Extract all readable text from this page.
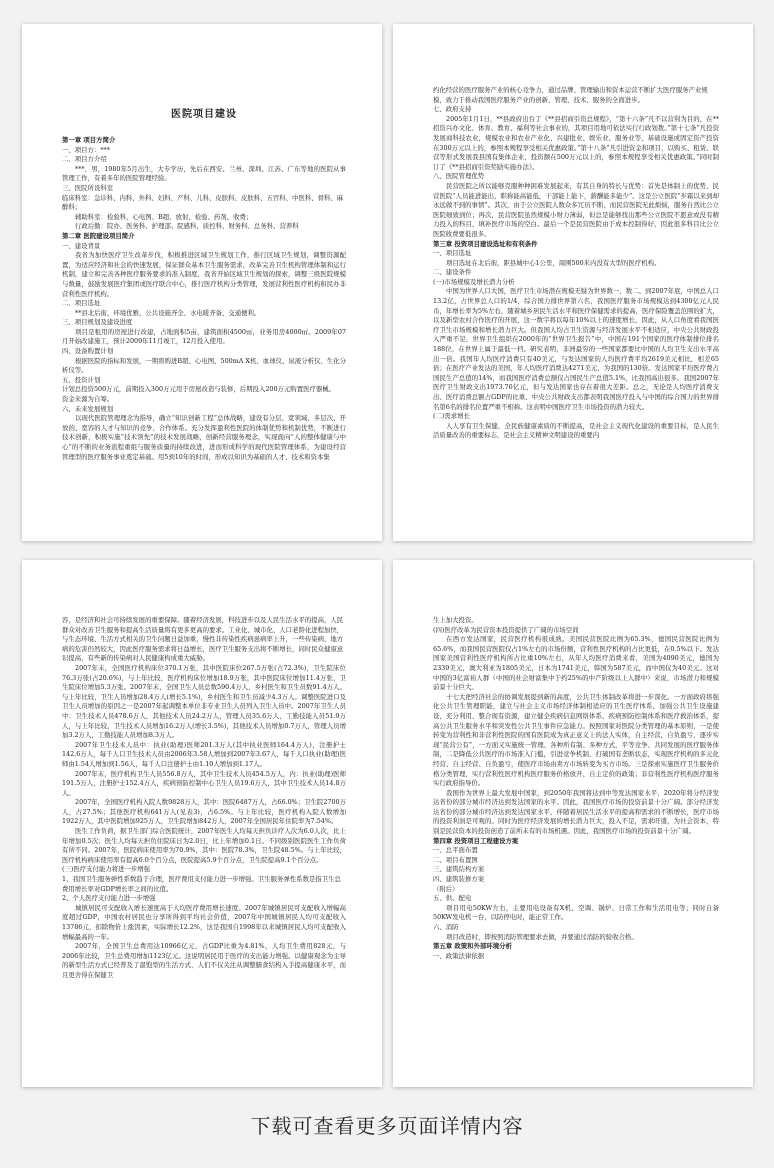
医院项目建设
第一章 项目方简介
一、项目方：***
二、项目方介绍
***，男，1980年5月出生，大专学历，先后在西安、兰州、深圳、江苏、广东等地的医院从事管理工作，有着多年的医院管理经验。
三、医院所设科室
临床科室：急诊科、内科、外科、妇科、产科、儿科、皮肤科、皮肤科、五官科、中医科、骨科、麻醉科；
辅助科室：检验科、心电图、B超、放射、检验、药剂、收费；
行政后勤：院办、医务科、护理部、院感科、质控科、财务科、总务科、营养科
第二章 医院建设项目简介
一、建设背景
我省为加快医疗卫生改革步伐，积极推进区域卫生规划工作，推行区域卫生规划，调整资源配置，为适应经济和社会的快速发展，保证群众基本卫生服务需求，改革完善卫生机构管理体制和运行机制，建立和完善各种医疗服务要求的准入制度，我省开始区域卫生规划的探索，调整三级医院规模与数量，鼓励发展医疗集团或医疗联合中心，推行医疗机构分类管理，发展营利性医疗机构和民办非营利性医疗机构。
二、项目选址
**县北后街，环境优雅、公共设施齐全、水电暖齐备、交通便利。
三、项目规划及建设进度
项目是租用的房屋进行改建，占地面积5亩，建筑面积4500㎡，业务用房4000㎡。2009年07月开始改建施工，预计2009年11月竣工，12月投入使用。
四、设备购置计划
根据医院的指标和发展，一期将购进B超、心电图、500mA X机、血球仪、尿液分析仪、生化分析仪等。
五、投资计划
计划总投资500万元，前期投入300万元用于房屋改造与装修，后期投入200万元购置医疗器械。
资金来源为自筹。
六、未来发展规划
以现代医院管理理念为指导，确立“知识创新工程”总体战略，建设有分层、宽领域、多层次、开放的、宽容的人才与知识的竞争、合作体系。充分发挥盈利性医院的体制优势和机制优势，不断进行技术创新，积极实施“技术领先”的技术发展战略，创新经营服务理念，实现面向“人的整体健康与中心”的不断的业务流程重组与服务质量的持续改进，进而形成科学的现代医院管理体系，为建设经营管理型的医疗服务事业奠定基础。用5到10年的时间，形成以知识为基础的人才、技术和资本集
约化经营的医疗服务产业的核心竞争力，通过品牌、管理输出和资本运营不断扩大医疗服务产业规模，致力于推动我国医疗服务产业的创新、管理、技术、服务的全面进步。
七、政府支持
2005年1月1日，**县政府出台了《**县招商引资总规程》，“第十六条”凡不以营利为目的，在**招资兴办文化、体育、教育、福利等社会事业的，其项目用地可依法实行行政划拨。”第十七条”凡投资发展商科技农业，规模农业和农业产业化、兴建批业、娱乐业、服务业等，基础设施或固定资产投资在300万元以上的，参照本规程享受相关优惠政策。”第十八条”凡引进资金和项目，以购买、租赁、联营等形式发展我县国有集体企业，投资额在500万元以上的，参照本规程享受相关优惠政策。”同时制订了《**县招商引资奖励实施办法》。
八、医院管理优势
民营医院之所以能够克服种种困难发展起来，有其自身的特长与优势：首先是体制上的优势，民营医院“人员能进能出，职称能高能低，干部能上能下，薪酬能多能少”。这是公立医院“步霜以来到却永远做不到的事情”。其次，由于公立医院人数众多冗员不断，而民营医院无此烦恼，服务自然比公立医院细致到位；再次，民营医院虽然规模小财力薄弱，但总是能够找出那些公立医院不愿意或没有精力投入的科目，填补医疗市场的空白。最后一个是民营医院由于成本控制得好，因此很多科目比公立医院收费要低很多。
第三章 投资项目建设选址和有利条件
一、项目选址
项目选址在北后街，距县城中心1公里，周围500米内没有大型的医疗机构。
二、建设条件
(一)市场规模及增长潜力分析
中国为世界人口大国，医疗卫生市场潜在规模无疑为世界数一、数二。到2007年底，中国总人口13.2亿，占世界总人口的1/4，综合国力排世界第六名，我国医疗服务市场规模达到4300亿元人民币，年增长率为5%左右，随着城乡居民生活水平和医疗保健需求的提高，医疗保险覆盖范围的扩大，以及新型农村合作医疗的开展，这一数字将以每年10%以上的速度增长，因此，从人口角度看我国医疗卫生市场规模和增长潜力巨大。但我国人均占卫生资源与经济发展水平不相适应，中央公共财政投入严重不足，世界卫生组织在2000年的“世界卫生报告”中，中国在191个国家的医疗体制排位排名188位，在世界上属于最低一档。研究表明，非洲最穷的一些国家都要比中国的人均卫生支出水平高出一倍。我国年人均医疗消费只有40美元，与发达国家的人均医疗费平均2619美元相比，相差65倍；在医疗产业发达的美国，年人均医疗消费达4271美元，为我国的130倍。发达国家平均医疗费占国民生产总值的14%，而我国医疗消费总额仅占国民生产总值5.1%，比我国高出很多。我国2007年医疗卫生财政支出1973.76亿元，但与发达国家也存在着很大差距。总之，无论是人均医疗消费支出、医疗消费总额占GDP的比重、中央公共财政支出都表明我国医疗投入与中国的综合国力的世界排名第6名的排名位置严重不相称。这表明中国医疗卫生市场投资的潜力较大。
(二)需求增长
人人享有卫生保健，全民族健康素质的不断提高，是社会主义现代化建设的重要目标，是人民生活质量改善的重要标志，是社会主义精神文明建设的重要内
容，是经济和社会可持续发展的重要保障。随着经济发展，科技进步以及人民生活水平的提高，人民群众对改善卫生服务和提高生活质量将有更多更高的要求。工业化、城市化、人口老龄化进程加快，与生态环境、生活方式相关的卫生问题日益加重，慢性非传染性疾病患病率上升，一些传染病、地方病的危害仍然较大，因此医疗服务需求将日益增长，医疗卫生服务支出将不断增长，同时民众健康意识提高，有些新的传染病对人民健康构成重大威胁。
2007年末，全国医疗机构床位370.1万张，其中医院床位267.5万张(占72.3%)，卫生院床位76.3万张(占20.6%)，与上年比较，医疗机构床位增加18.9万张，其中医院床位增加11.4万张，卫生院床位增加5.3万张。2007年末，全国卫生人员总数590.4万人，乡村医生和卫生员数91.4万人。与上年比较，卫生人员增加28.4万人(增长5.1%)，乡村医生和卫生员减少4.3万人。调整医院进口及卫生人员增加的原因之一是2007年起调整本单位非专业卫生人员列入卫生人员中。2007年卫生人员中：卫生技术人员478.6万人，其他技术人员24.2万人，管理人员35.6万人，工勤技能人员51.9万人，与上年比较，卫生技术人员增加16.2万人(增长3.5%)，其他技术人员增加0.7万人，管理人员增加3.2万人，工勤技能人员增加8.3万人。
2007年卫生技术人员中：执业(助理)医师201.3万人(其中执业医师164.4万人)，注册护士142.6万人，每千人口卫生技术人员由2006年3.58人增加到2007年3.67人，每千人口执业(助理)医师由1.54人增加到1.56人，每千人口注册护士由1.10人增加到1.17人。
2007年末，医疗机构卫生人员556.8万人，其中卫生技术人员454.5万人，内：执业(助理)医师191.5万人，注册护士152.4万人，疾病预防控制中心卫生人员19.6万人，其中卫生技术人员14.8万人。
2007年，全国医疗机构入院人数9828万人，其中：医院6487万人，占66.0%；卫生院2700万人，占27.5%；其他医疗机构641万人(见表3)，占6.5%。与上年比较，医疗机构入院人数增加1922万人，其中医院增加925万人，卫生院增加842万人，2007年全国居民年住院率为7.54%。
医生工作负荷，据卫生部门综合医院统计，2007年医生人均每天担负诊疗人次为6.0人次，比上年增加0.5次；医生人均每天担负住院床日为2.0日，比上年增加0.1日。不同级别医院医生工作负荷有所不同。2007年，医院病床使用率为70.9%，其中：医院78.3%，卫生院48.5%。与上年比较，医疗机构病床使用率有提高6.0个百分点，医院提高5.9个百分点，卫生院提高9.1个百分点。
(三)医疗支付能力将进一步增强
1、我国卫生服务弹性系数趋于合理，医疗费用支付能力进一步增强。卫生服务弹性系数是指卫生总费用增长率对GDP增长率之间的比值。
2、个人医疗支付能力进一步增强
城镇居民可支配收入增长速度高于人均医疗费用增长速度。2007年城镇居民可支配收入增幅高度超过GDP，中国农村居民也分享所得到平均社会价值，2007年中国城镇居民人均可支配收入13786元，扣除物价上涨因素，实际增长12.2%，这是我国自1998年以来城镇居民人均可支配收入增幅最高的一年。
2007年，全国卫生总费用达10966亿元，占GDP比重为4.81%，人均卫生费用828元，与2006年比较，卫生总费用增加1123亿元。这说明居民用于医疗的支出能力增强。以健康观念为主导的新型生活方式已经普及了温饱型的生活方式，人们不仅关注从调整膳食结构入手提高健康水平，而且更舍得在保健卫
生上加大投资。
(四)医疗改革为民营资本投资提供了广阔的市场空间
在西方发达国家，民营医疗机构很成熟。美国民营医院比例为65.3%，德国民营医院比例为65.6%，而我国民营医院仅占1%左右的市场份额，营利性医疗机构的占比更低，在0.5%以下。发达国家美国营利性医疗机构所占比重10%左右，从年人均医疗消费来看，美国为4090美元，德国为2339美元，澳大利亚为1805美元，日本为1741美元，韩国为587美元，而中国仅为40美元。这对中国的3亿富裕人群（中国的社会财富集中于约25%的中产阶级以上人群中）来说，市场潜力和规模前景十分巨大。
十七大把经济社会的协调发展提到新的高度，公共卫生体制改革将进一步深化。一方面政府将强化公共卫生管理职能，建立与社会主义市场经济体制相适应的卫生医疗体系，加强公共卫生设施建设，充分利用、整合现有资源，建立健全疾病信息网络体系、疾病预防控制体系和医疗救治体系，提高公共卫生服务水平和突发性公共卫生事件应急能力。按照国家对医院分类管理的基本原则，一是使转变为营利性和非营利性医院的国有医院成为真正意义上的法人实体，自主经营，自负盈亏，逐步实现“民营公有”，一方面又实施统一管理、各种所有制、多种方式，平等竞争、共同发展的医疗服务体制，二是降低公共医疗的市场准入门槛，引进竞争机制，打破国有垄断状态，实现医疗机构的多元化经营、自主经营、自负盈亏，使医疗市场由卖方市场转变为买方市场。三是探索实施医疗卫生服务价格分类管理，实行营利性医疗机构医疗服务价格放开、自主定价的政策；非营利性医疗机构医疗服务实行政府指导价。
我国作为世界上最大发展中国家，到2050年我国将达到中等发达国家水平，2020年将分经济发达省份的部分城市经济达到发达国家的水平。因此，我国医疗市场的投资前景十分广阔。部分经济发达省份的部分城市经济达到发达国家水平，伴随着居民生活水平的提高和需求的不断增长，医疗市场的投资利润是可观的。同时为医疗经济发展的增长潜力巨大，投入不足，需求旺盛，为社会资本，特别是民营资本的投资创造了前所未有的市场机遇。因此，我国医疗市场的投资前景十分广阔。
第四章 投资项目工程建设方案
一、总平面布置
二、项目布置图
三、建筑结构方案
四、建筑装修方案
（附后）
五、供、配电
项目用电50KW左右，主要用电设备有X机、空调、锅炉、日常工作和生活用电等；同时自备50KW发电机一台，以防停电时，能正常工作。
六、消防
项目改造时，即按照消防管理要求去做，并要通过消防的验收合格。
第五章 政策和外部环境分析
一、政策法律依据
下载可查看更多页面详情内容
